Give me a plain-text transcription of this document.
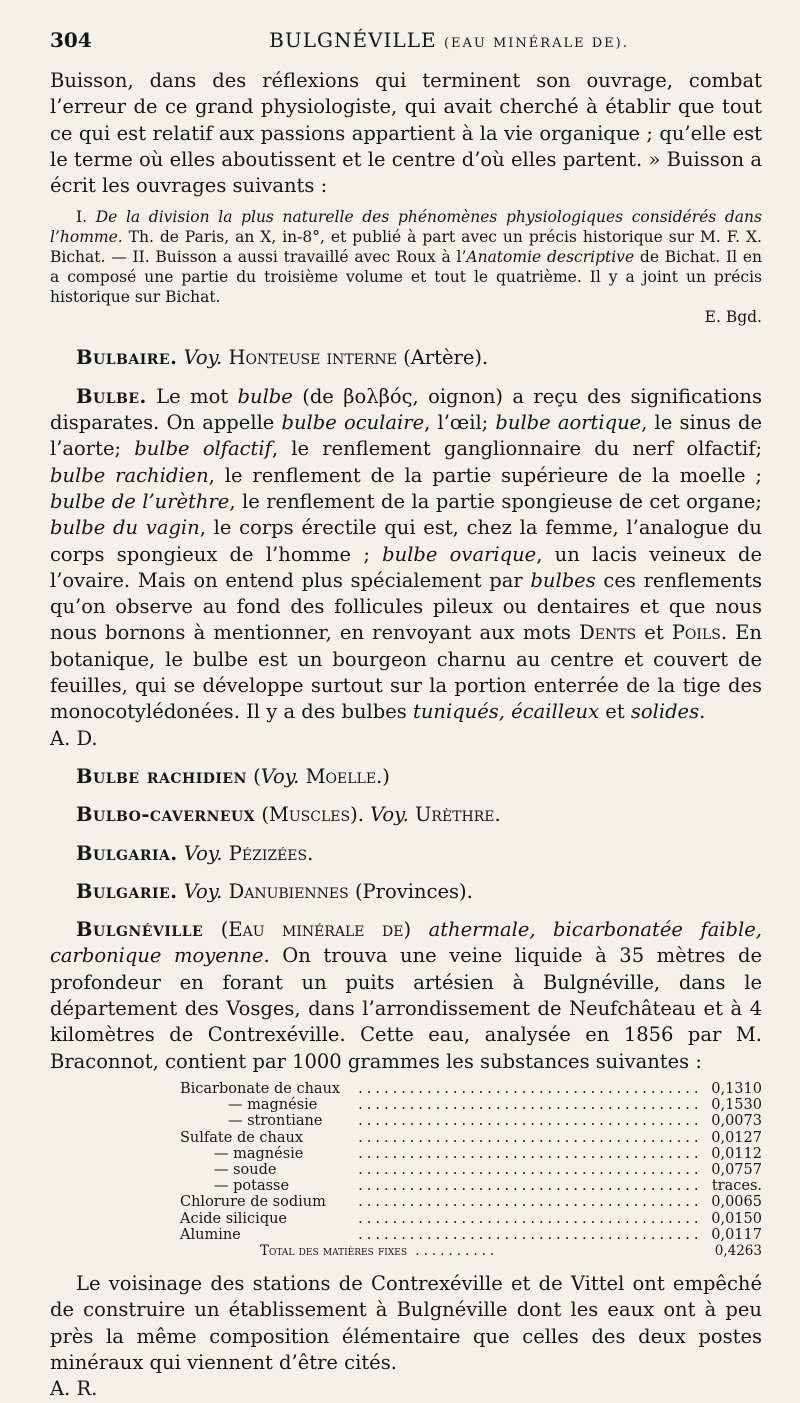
304	BULGNÉVILLE (EAU MINÉRALE DE).

Buisson, dans des réflexions qui terminent son ouvrage, combat l’erreur de ce grand physiologiste, qui avait cherché à établir que tout ce qui est relatif aux passions appartient à la vie organique ; qu’elle est le terme où elles aboutissent et le centre d’où elles partent. » Buisson a écrit les ouvrages suivants :

I. De la division la plus naturelle des phénomènes physiologiques considérés dans l’homme. Th. de Paris, an X, in-8°, et publié à part avec un précis historique sur M. F. X. Bichat. — II. Buisson a aussi travaillé avec Roux à l’Anatomie descriptive de Bichat. Il en a composé une partie du troisième volume et tout le quatrième. Il y a joint un précis historique sur Bichat.

E. Bgd.

Bulbaire. Voy. Honteuse interne (Artère).

Bulbe. Le mot bulbe (de βολβός, oignon) a reçu des significations disparates. On appelle bulbe oculaire, l’œil; bulbe aortique, le sinus de l’aorte; bulbe olfactif, le renflement ganglionnaire du nerf olfactif; bulbe rachidien, le renflement de la partie supérieure de la moelle ; bulbe de l’urèthre, le renflement de la partie spongieuse de cet organe; bulbe du vagin, le corps érectile qui est, chez la femme, l’analogue du corps spongieux de l’homme ; bulbe ovarique, un lacis veineux de l’ovaire. Mais on entend plus spécialement par bulbes ces renflements qu’on observe au fond des follicules pileux ou dentaires et que nous nous bornons à mentionner, en renvoyant aux mots Dents et Poils. En botanique, le bulbe est un bourgeon charnu au centre et couvert de feuilles, qui se développe surtout sur la portion enterrée de la tige des monocotylédonées. Il y a des bulbes tuniqués, écailleux et solides.

A. D.

Bulbe rachidien (Voy. Moelle.)

Bulbo-caverneux (Muscles). Voy. Urèthre.

Bulgaria. Voy. Pézizées.

Bulgarie. Voy. Danubiennes (Provinces).

Bulgnéville (Eau minérale de) athermale, bicarbonatée faible, carbonique moyenne. On trouva une veine liquide à 35 mètres de profondeur en forant un puits artésien à Bulgnéville, dans le département des Vosges, dans l’arrondissement de Neufchâteau et à 4 kilomètres de Contrexéville. Cette eau, analysée en 1856 par M. Braconnot, contient par 1000 grammes les substances suivantes :

Bicarbonate de chaux	........................................	0,1310
— magnésie	........................................	0,1530
— strontiane	........................................	0,0073
Sulfate de chaux	........................................	0,0127
— magnésie	........................................	0,0112
— soude	........................................	0,0757
— potasse	........................................	traces.
Chlorure de sodium	........................................	0,0065
Acide silicique	........................................	0,0150
Alumine	........................................	0,0117
Total des matières fixes ..........		0,4263

Le voisinage des stations de Contrexéville et de Vittel ont empêché de construire un établissement à Bulgnéville dont les eaux ont à peu près la même composition élémentaire que celles des deux postes minéraux qui viennent d’être cités.

A. R.
